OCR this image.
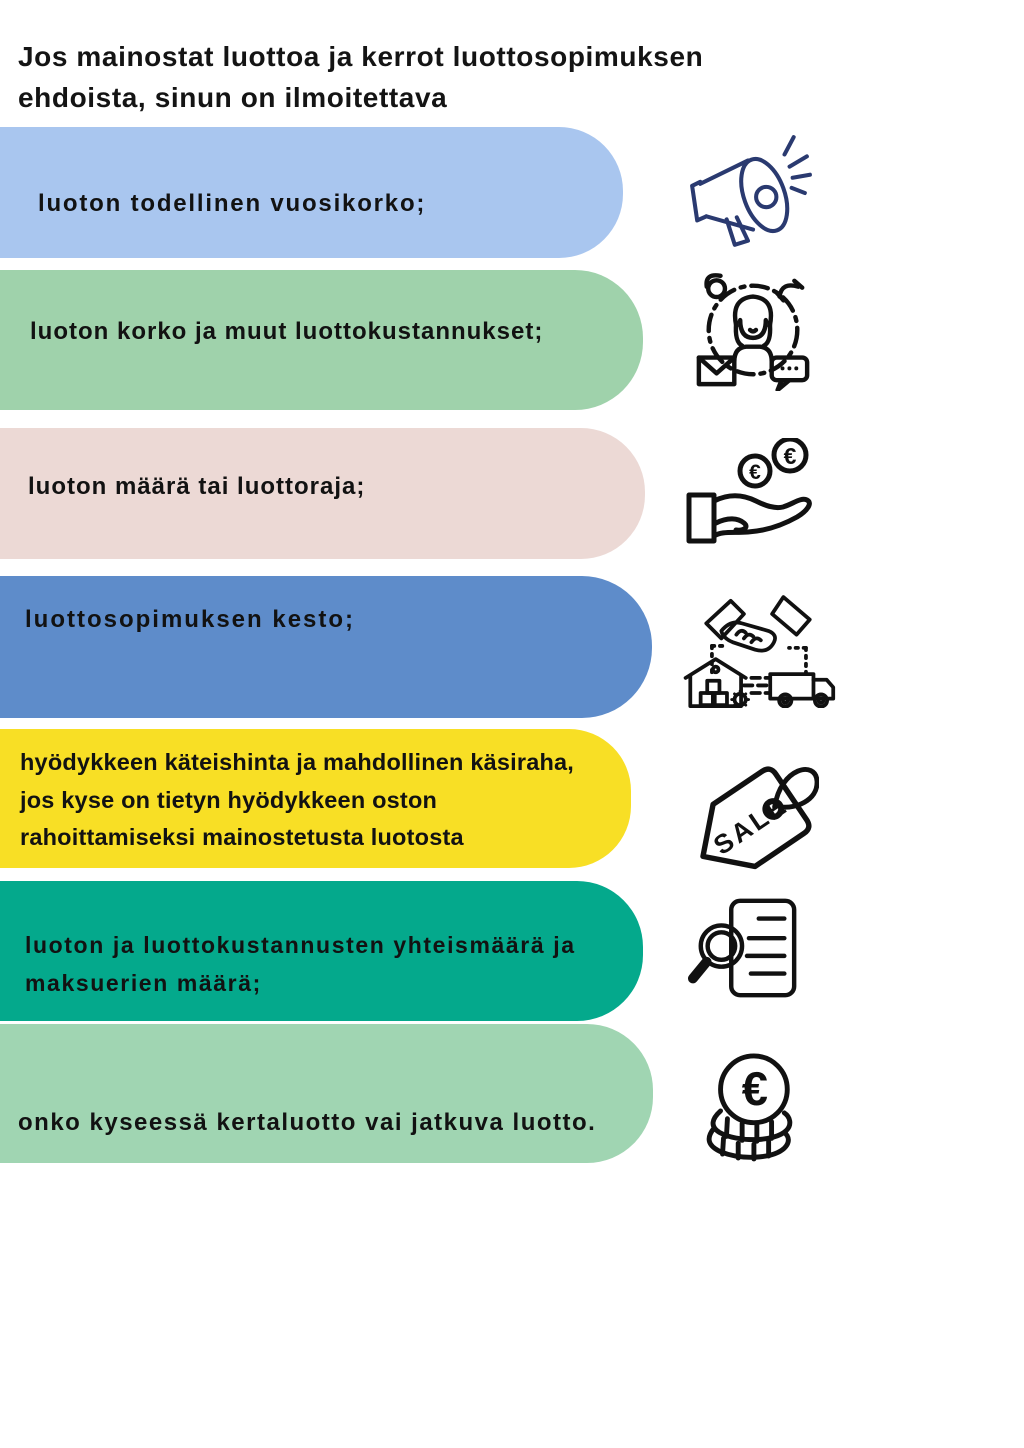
Jos mainostat luottoa ja kerrot luottosopimuksen
ehdoista, sinun on ilmoitettava
luoton todellinen vuosikorko;
luoton korko ja muut luottokustannukset;
luoton määrä tai luottoraja;	€
€
luottosopimuksen kesto;
hyödykkeen käteishinta ja mahdollinen käsiraha,
jos kyse on tietyn hyödykkeen oston
rahoittamiseksi mainostetusta luotosta	SALE
luoton ja luottokustannusten yhteismäärä ja
maksuerien määrä;
onko kyseessä kertaluotto vai jatkuva luotto.
€
